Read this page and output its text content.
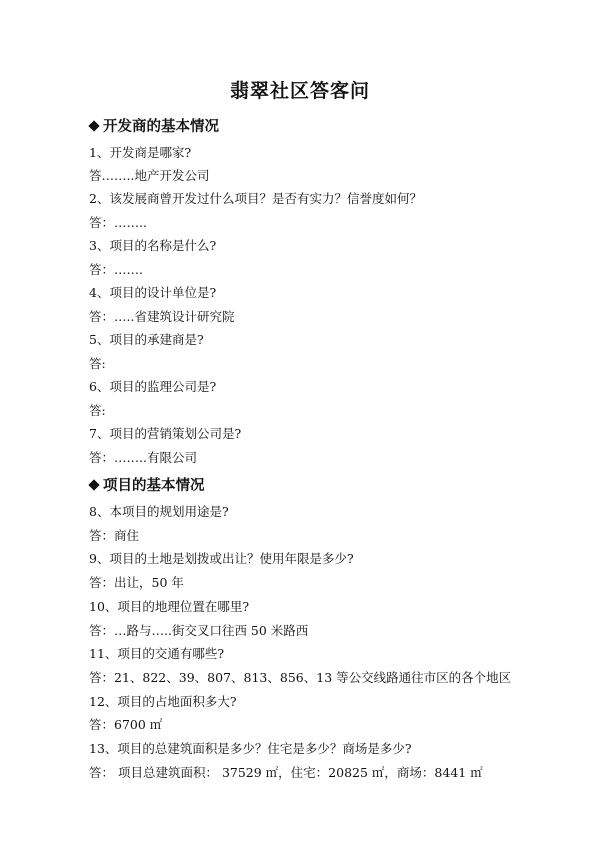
翡翠社区答客问
开发商的基本情况
1、开发商是哪家?
答……..地产开发公司
2、该发展商曾开发过什么项目？是否有实力？信誉度如何？
答：……..
3、项目的名称是什么?
答：…….
4、项目的设计单位是?
答：…..省建筑设计研究院
5、项目的承建商是?
答:
6、项目的监理公司是?
答:
7、项目的营销策划公司是?
答：……..有限公司
项目的基本情况
8、本项目的规划用途是?
答：商住
9、项目的土地是划拨或出让？使用年限是多少?
答：出让，50 年
10、项目的地理位置在哪里?
答：…路与…..街交叉口往西 50 米路西
11、项目的交通有哪些?
答：21、822、39、807、813、856、13 等公交线路通往市区的各个地区
12、项目的占地面积多大?
答：6700 ㎡
13、项目的总建筑面积是多少？住宅是多少？商场是多少?
答： 项目总建筑面积： 37529 ㎡，住宅：20825 ㎡，商场：8441 ㎡
